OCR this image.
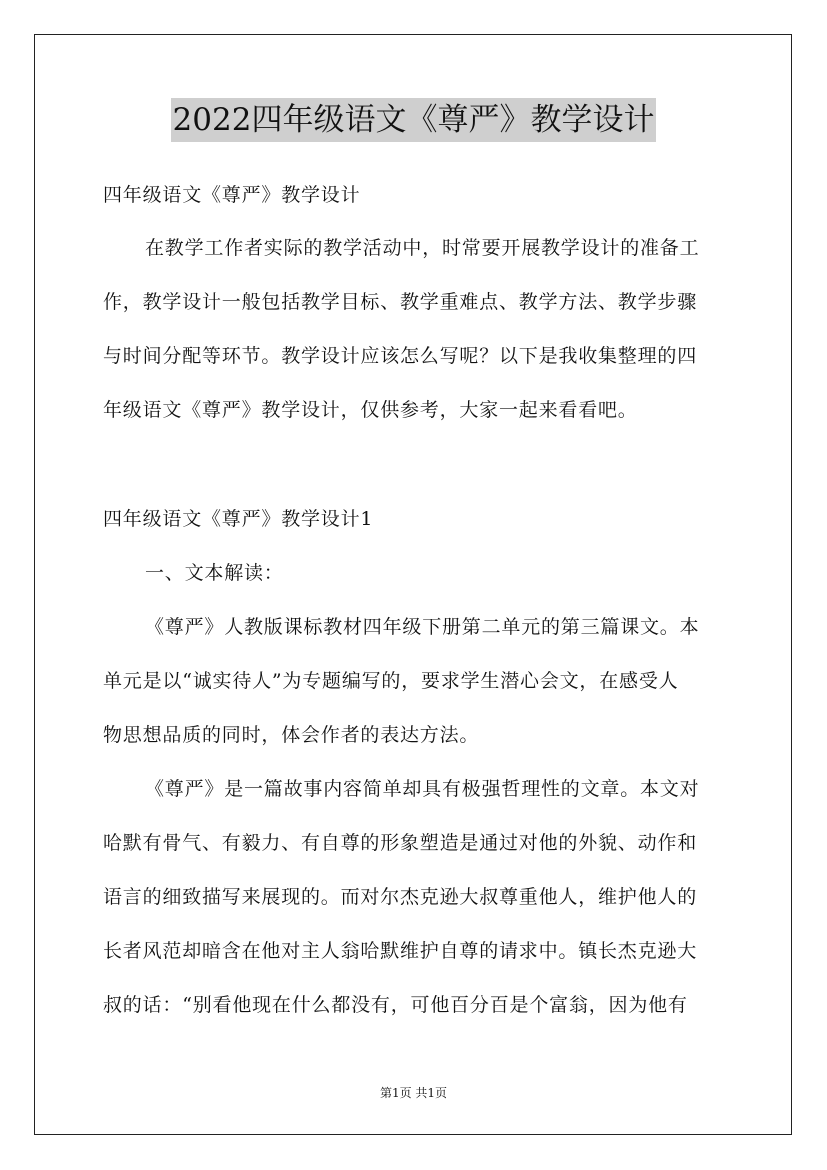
2022四年级语文《尊严》教学设计
四年级语文《尊严》教学设计
在教学工作者实际的教学活动中，时常要开展教学设计的准备工
作，教学设计一般包括教学目标、教学重难点、教学方法、教学步骤
与时间分配等环节。教学设计应该怎么写呢？以下是我收集整理的四
年级语文《尊严》教学设计，仅供参考，大家一起来看看吧。
四年级语文《尊严》教学设计1
一、文本解读：
《尊严》人教版课标教材四年级下册第二单元的第三篇课文。本
单元是以“诚实待人”为专题编写的，要求学生潜心会文，在感受人
物思想品质的同时，体会作者的表达方法。
《尊严》是一篇故事内容简单却具有极强哲理性的文章。本文对
哈默有骨气、有毅力、有自尊的形象塑造是通过对他的外貌、动作和
语言的细致描写来展现的。而对尔杰克逊大叔尊重他人，维护他人的
长者风范却暗含在他对主人翁哈默维护自尊的请求中。镇长杰克逊大
叔的话：“别看他现在什么都没有，可他百分百是个富翁，因为他有
第1页 共1页
